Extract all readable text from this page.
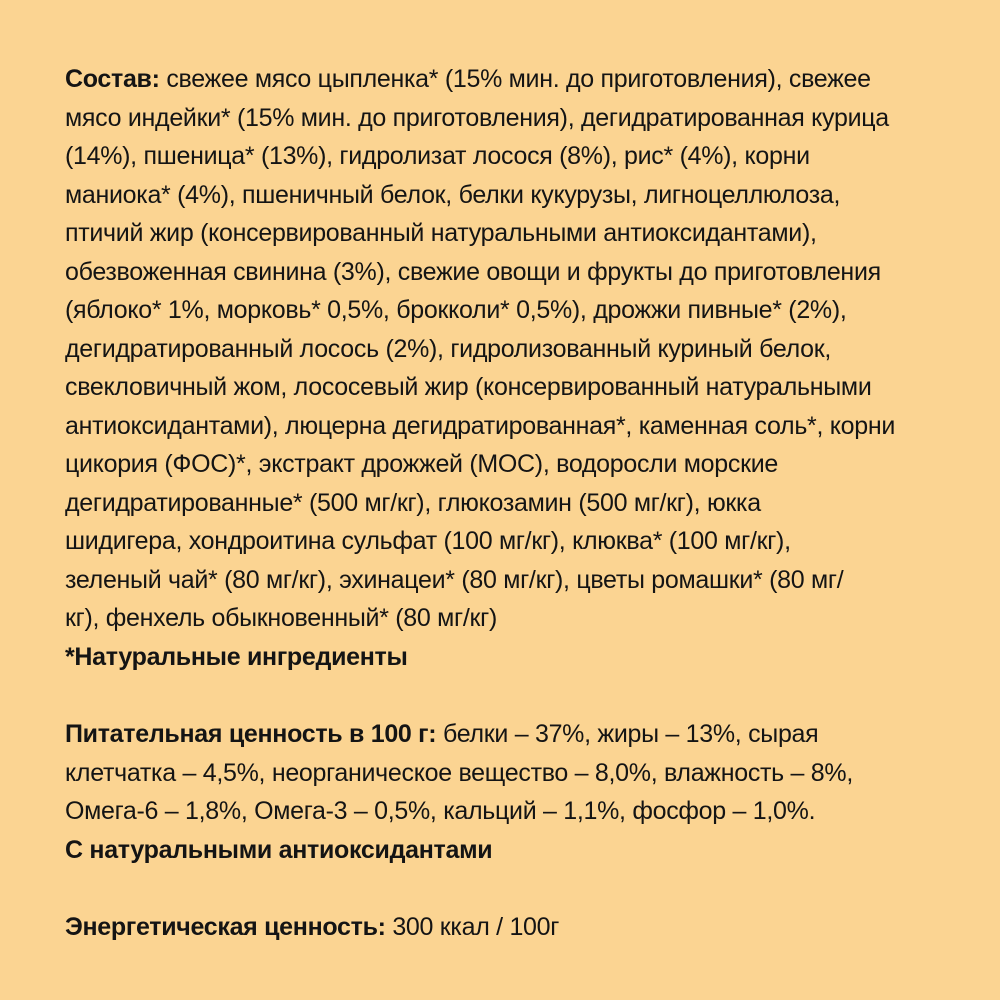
Состав: свежее мясо цыпленка* (15% мин. до приготовления), свежее
мясо индейки* (15% мин. до приготовления), дегидратированная курица
(14%), пшеница* (13%), гидролизат лосося (8%), рис* (4%), корни
маниока* (4%), пшеничный белок, белки кукурузы, лигноцеллюлоза,
птичий жир (консервированный натуральными антиоксидантами),
обезвоженная свинина (3%), свежие овощи и фрукты до приготовления
(яблоко* 1%, морковь* 0,5%, брокколи* 0,5%), дрожжи пивные* (2%),
дегидратированный лосось (2%), гидролизованный куриный белок,
свекловичный жом, лососевый жир (консервированный натуральными
антиоксидантами), люцерна дегидратированная*, каменная соль*, корни
цикория (ФОС)*, экстракт дрожжей (МОС), водоросли морские
дегидратированные* (500 мг/кг), глюкозамин (500 мг/кг), юкка
шидигера, хондроитина сульфат (100 мг/кг), клюква* (100 мг/кг),
зеленый чай* (80 мг/кг), эхинацеи* (80 мг/кг), цветы ромашки* (80 мг/
кг), фенхель обыкновенный* (80 мг/кг)
*Натуральные ингредиенты
Питательная ценность в 100 г: белки – 37%, жиры – 13%, сырая
клетчатка – 4,5%, неорганическое вещество – 8,0%, влажность – 8%,
Омега-6 – 1,8%, Омега-3 – 0,5%, кальций – 1,1%, фосфор – 1,0%.
С натуральными антиоксидантами
Энергетическая ценность: 300 ккал / 100г
